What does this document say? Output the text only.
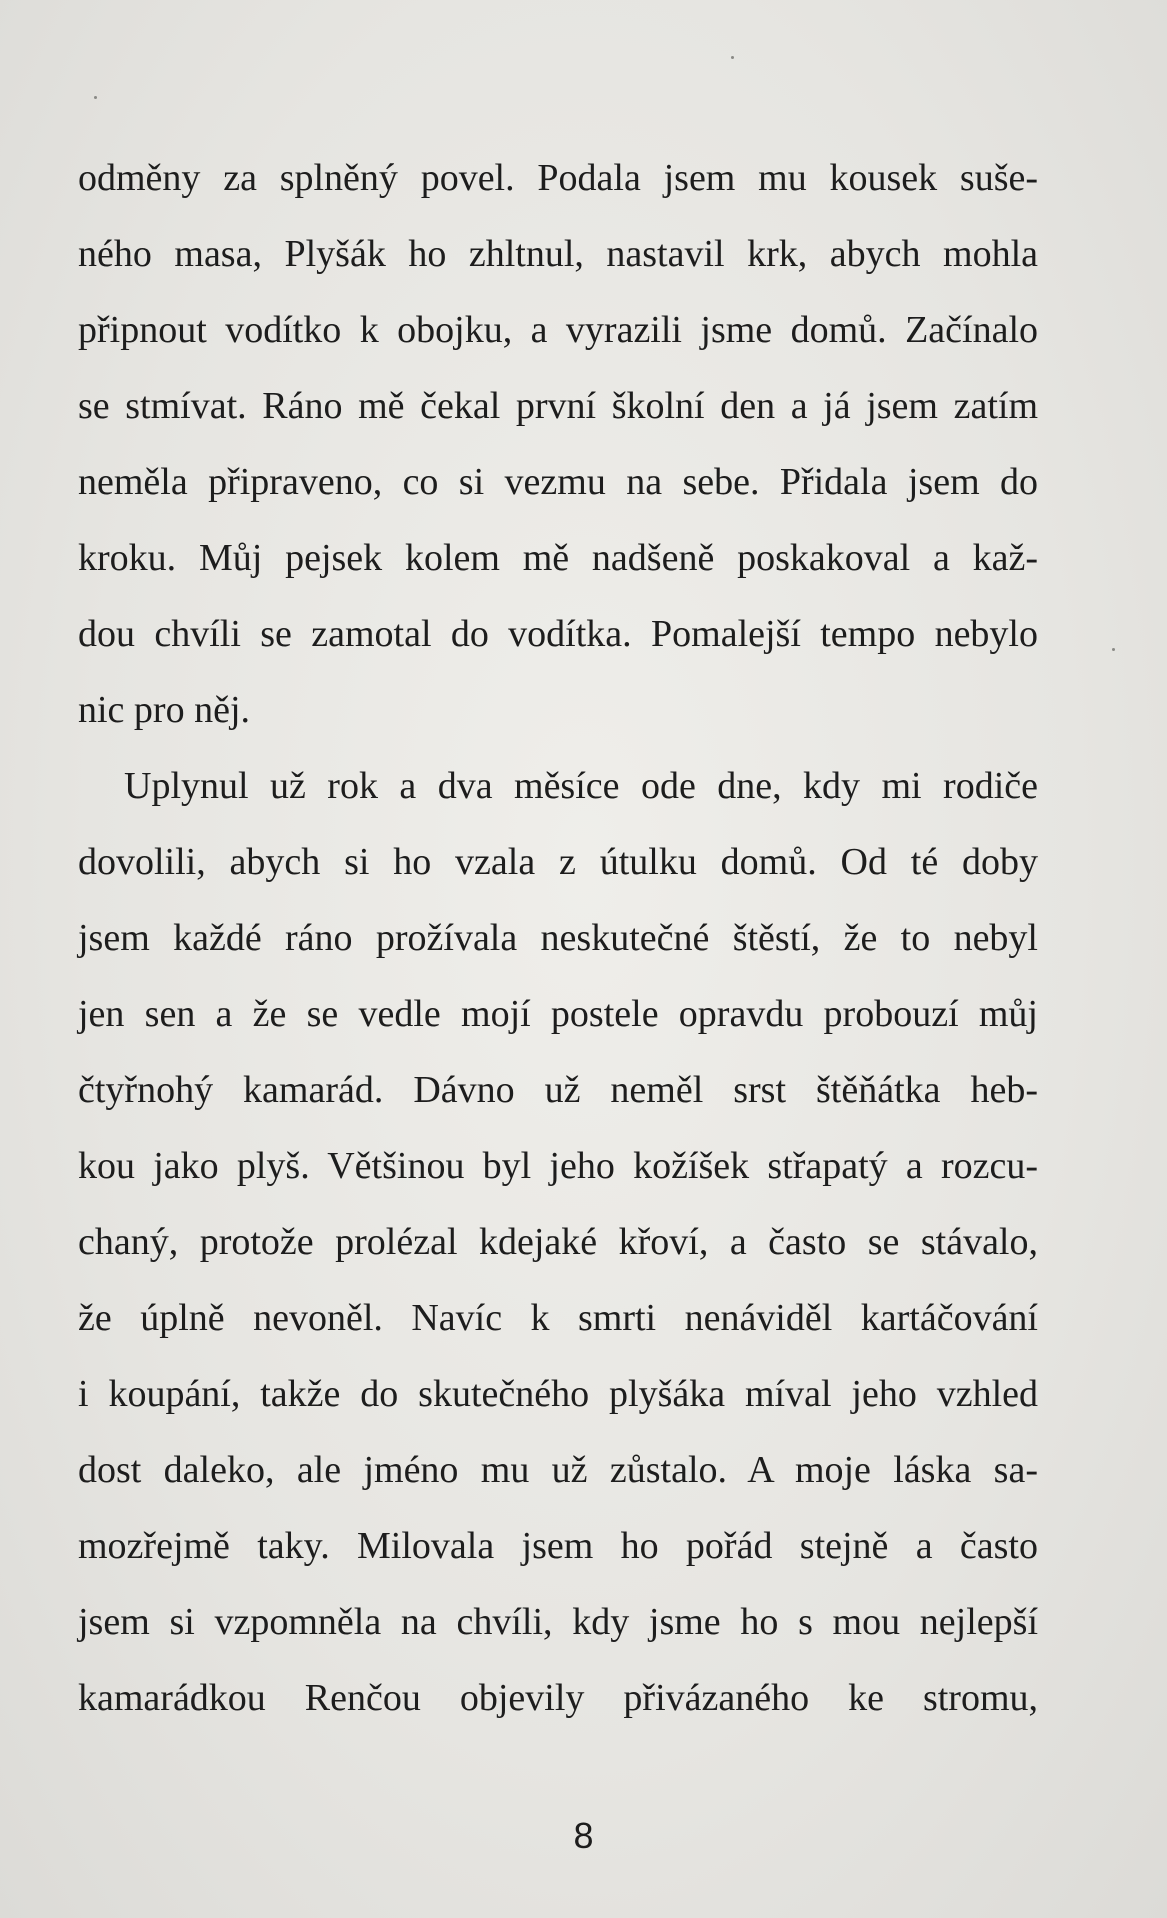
odměny za splněný povel. Podala jsem mu kousek suše-
ného masa, Plyšák ho zhltnul, nastavil krk, abych mohla
připnout vodítko k obojku, a vyrazili jsme domů. Začínalo
se stmívat. Ráno mě čekal první školní den a já jsem zatím
neměla připraveno, co si vezmu na sebe. Přidala jsem do
kroku. Můj pejsek kolem mě nadšeně poskakoval a kaž-
dou chvíli se zamotal do vodítka. Pomalejší tempo nebylo
nic pro něj.
Uplynul už rok a dva měsíce ode dne, kdy mi rodiče
dovolili, abych si ho vzala z útulku domů. Od té doby
jsem každé ráno prožívala neskutečné štěstí, že to nebyl
jen sen a že se vedle mojí postele opravdu probouzí můj
čtyřnohý kamarád. Dávno už neměl srst štěňátka heb-
kou jako plyš. Většinou byl jeho kožíšek střapatý a rozcu-
chaný, protože prolézal kdejaké křoví, a často se stávalo,
že úplně nevoněl. Navíc k smrti nenáviděl kartáčování
i koupání, takže do skutečného plyšáka míval jeho vzhled
dost daleko, ale jméno mu už zůstalo. A moje láska sa-
mozřejmě taky. Milovala jsem ho pořád stejně a často
jsem si vzpomněla na chvíli, kdy jsme ho s mou nejlepší
kamarádkou Renčou objevily přivázaného ke stromu,
8
